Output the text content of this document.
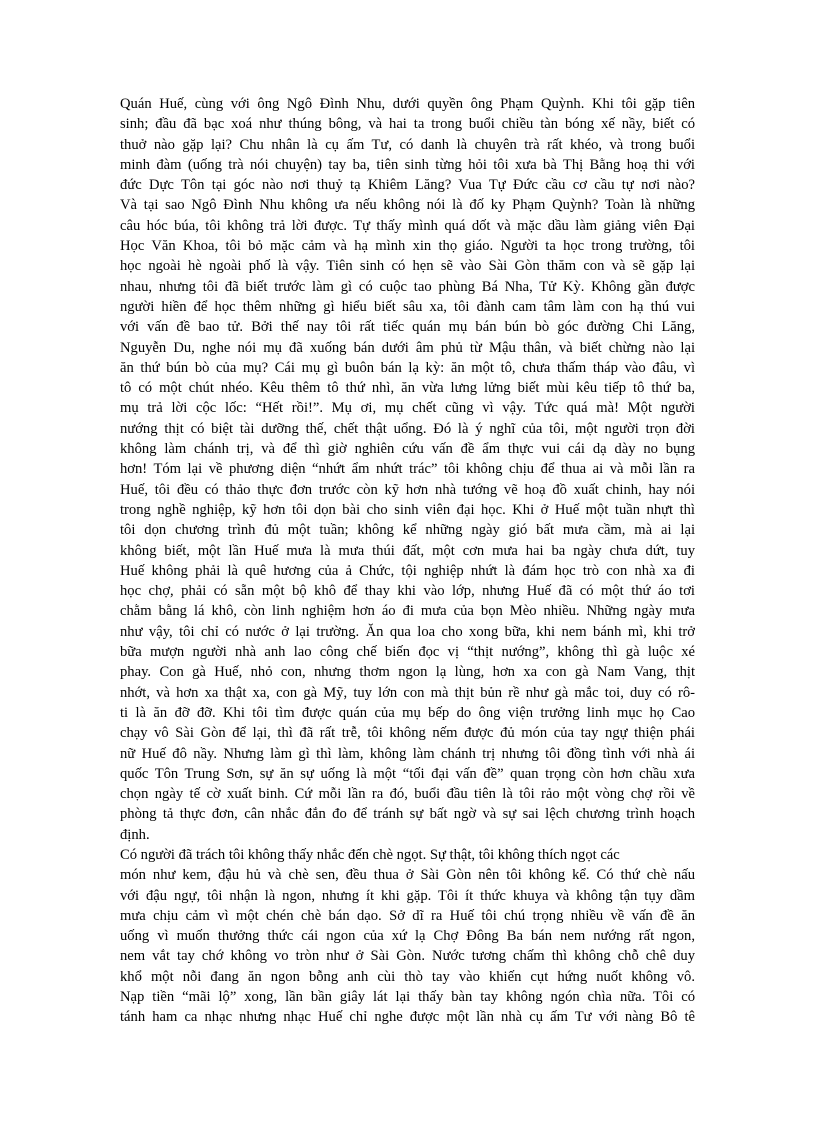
Quán Huế, cùng với ông Ngô Đình Nhu, dưới quyền ông Phạm Quỳnh. Khi tôi gặp tiên
sinh; đầu đã bạc xoá như thúng bông, và hai ta trong buổi chiều tàn bóng xế nầy, biết có
thuở nào gặp lại? Chu nhân là cụ ấm Tư, có danh là chuyên trà rất khéo, và trong buổi
minh đàm (uống trà nói chuyện) tay ba, tiên sinh từng hỏi tôi xưa bà Thị Bằng hoạ thi với
đức Dực Tôn tại góc nào nơi thuỷ tạ Khiêm Lăng? Vua Tự Đức cầu cơ cầu tự nơi nào?
Và tại sao Ngô Đình Nhu không ưa nếu không nói là đố ky Phạm Quỳnh? Toàn là những
câu hóc búa, tôi không trả lời được. Tự thấy mình quá dốt và mặc dầu làm giảng viên Đại
Học Văn Khoa, tôi bỏ mặc cảm và hạ mình xin thọ giáo. Người ta học trong trường, tôi
học ngoài hè ngoài phố là vậy. Tiên sinh có hẹn sẽ vào Sài Gòn thăm con và sẽ gặp lại
nhau, nhưng tôi đã biết trước làm gì có cuộc tao phùng Bá Nha, Tử Kỳ. Không gần được
người hiền để học thêm những gì hiểu biết sâu xa, tôi đành cam tâm làm con hạ thú vui
với vấn đề bao tử. Bởi thế nay tôi rất tiếc quán mụ bán bún bò góc đường Chi Lăng,
Nguyễn Du, nghe nói mụ đã xuống bán dưới âm phủ từ Mậu thân, và biết chừng nào lại
ăn thứ bún bò của mụ? Cái mụ gì buôn bán lạ kỳ: ăn một tô, chưa thấm tháp vào đâu, vì
tô có một chút nhéo. Kêu thêm tô thứ nhì, ăn vừa lưng lửng biết mùi kêu tiếp tô thứ ba,
mụ trả lời cộc lốc: “Hết rồi!”. Mụ ơi, mụ chết cũng vì vậy. Tức quá mà! Một người
nướng thịt có biệt tài dưỡng thế, chết thật uổng. Đó là ý nghĩ của tôi, một người trọn đời
không làm chánh trị, và để thì giờ nghiên cứu vấn đề ẩm thực vui cái dạ dày no bụng
hơn! Tóm lại về phương diện “nhứt ẩm nhứt trác” tôi không chịu để thua ai và mỗi lần ra
Huế, tôi đều có thảo thực đơn trước còn kỹ hơn nhà tướng vẽ hoạ đồ xuất chinh, hay nói
trong nghề nghiệp, kỹ hơn tôi dọn bài cho sinh viên đại học. Khi ở Huế một tuần nhựt thì
tôi dọn chương trình đủ một tuần; không kể những ngày gió bất mưa cầm, mà ai lại
không biết, một lần Huế mưa là mưa thúi đất, một cơn mưa hai ba ngày chưa dứt, tuy
Huế không phải là quê hương của ả Chức, tội nghiệp nhứt là đám học trò con nhà xa đi
học chợ, phải có sẵn một bộ khô để thay khi vào lớp, nhưng Huế đã có một thứ áo tơi
chằm bằng lá khô, còn linh nghiệm hơn áo đi mưa của bọn Mèo nhiều. Những ngày mưa
như vậy, tôi chỉ có nước ở lại trường. Ăn qua loa cho xong bữa, khi nem bánh mì, khi trở
bữa mượn người nhà anh lao công chế biến đọc vị “thịt nướng”, không thì gà luộc xé
phay. Con gà Huế, nhỏ con, nhưng thơm ngon lạ lùng, hơn xa con gà Nam Vang, thịt
nhớt, và hơn xa thật xa, con gà Mỹ, tuy lớn con mà thịt bủn rề như gà mắc toi, duy có rô-
ti là ăn đỡ đỡ. Khi tôi tìm được quán của mụ bếp do ông viện trưởng linh mục họ Cao
chạy vô Sài Gòn để lại, thì đã rất trễ, tôi không nếm được đủ món của tay ngự thiện phái
nữ Huế đô nầy. Nhưng làm gì thì làm, không làm chánh trị nhưng tôi đồng tình với nhà ái
quốc Tôn Trung Sơn, sự ăn sự uống là một “tối đại vấn đề” quan trọng còn hơn chầu xưa
chọn ngày tế cờ xuất binh. Cứ mỗi lần ra đó, buổi đầu tiên là tôi rảo một vòng chợ rồi về
phòng tả thực đơn, cân nhắc đắn đo để tránh sự bất ngờ và sự sai lệch chương trình hoạch
định.
Có người đã trách tôi không thấy nhắc đến chè ngọt. Sự thật, tôi không thích ngọt các
món như kem, đậu hủ và chè sen, đều thua ở Sài Gòn nên tôi không kể. Có thứ chè nấu
với đậu ngự, tôi nhận là ngon, nhưng ít khi gặp. Tôi ít thức khuya và không tận tụy dầm
mưa chịu cảm vì một chén chè bán dạo. Sở dĩ ra Huế tôi chú trọng nhiều về vấn đề ăn
uống vì muốn thưởng thức cái ngon của xứ lạ Chợ Đông Ba bán nem nướng rất ngon,
nem vắt tay chớ không vo tròn như ở Sài Gòn. Nước tương chấm thì không chỗ chê duy
khổ một nỗi đang ăn ngon bỗng anh cùi thò tay vào khiến cụt hứng nuốt không vô.
Nạp tiền “mãi lộ” xong, lần bần giây lát lại thấy bàn tay không ngón chìa nữa. Tôi có
tánh ham ca nhạc nhưng nhạc Huế chỉ nghe được một lần nhà cụ ấm Tư với nàng Bô tê
